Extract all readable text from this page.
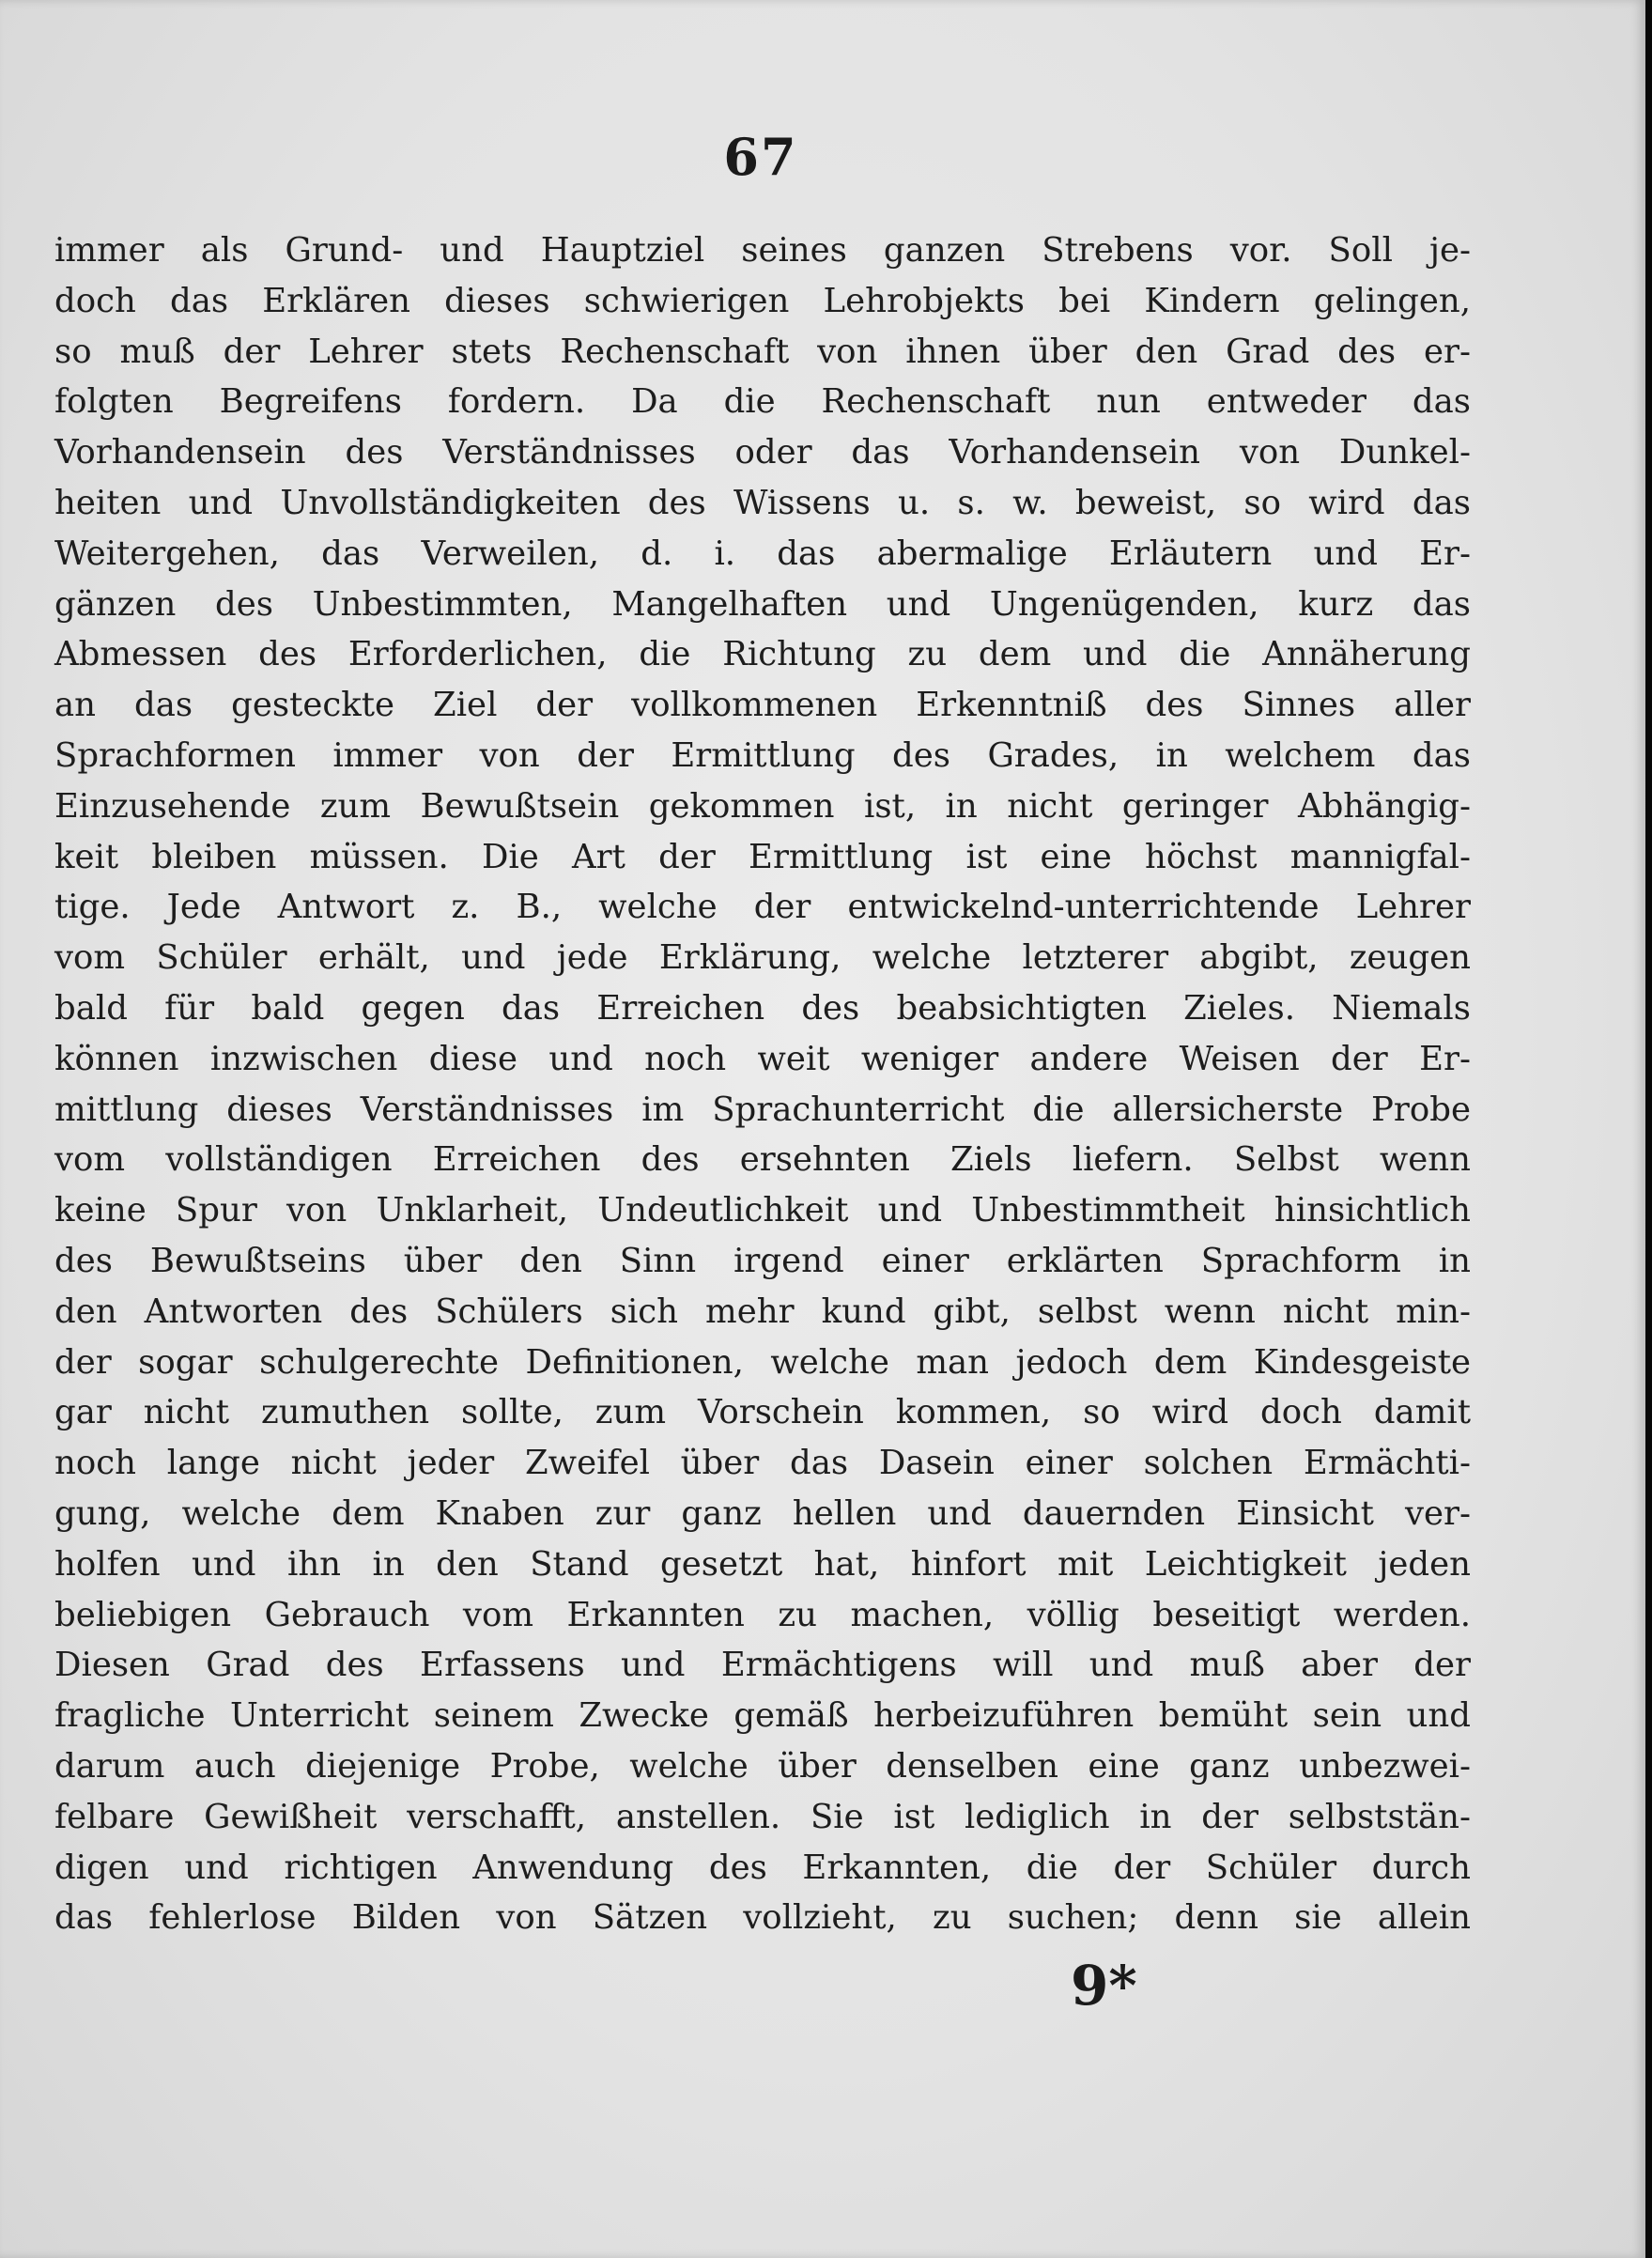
67
immer als Grund- und Hauptziel seines ganzen Strebens vor. Soll je-
doch das Erklären dieses schwierigen Lehrobjekts bei Kindern gelingen,
so muß der Lehrer stets Rechenschaft von ihnen über den Grad des er-
folgten Begreifens fordern. Da die Rechenschaft nun entweder das
Vorhandensein des Verständnisses oder das Vorhandensein von Dunkel-
heiten und Unvollständigkeiten des Wissens u. s. w. beweist, so wird das
Weitergehen, das Verweilen, d. i. das abermalige Erläutern und Er-
gänzen des Unbestimmten, Mangelhaften und Ungenügenden, kurz das
Abmessen des Erforderlichen, die Richtung zu dem und die Annäherung
an das gesteckte Ziel der vollkommenen Erkenntniß des Sinnes aller
Sprachformen immer von der Ermittlung des Grades, in welchem das
Einzusehende zum Bewußtsein gekommen ist, in nicht geringer Abhängig-
keit bleiben müssen. Die Art der Ermittlung ist eine höchst mannigfal-
tige. Jede Antwort z. B., welche der entwickelnd-unterrichtende Lehrer
vom Schüler erhält, und jede Erklärung, welche letzterer abgibt, zeugen
bald für bald gegen das Erreichen des beabsichtigten Zieles. Niemals
können inzwischen diese und noch weit weniger andere Weisen der Er-
mittlung dieses Verständnisses im Sprachunterricht die allersicherste Probe
vom vollständigen Erreichen des ersehnten Ziels liefern. Selbst wenn
keine Spur von Unklarheit, Undeutlichkeit und Unbestimmtheit hinsichtlich
des Bewußtseins über den Sinn irgend einer erklärten Sprachform in
den Antworten des Schülers sich mehr kund gibt, selbst wenn nicht min-
der sogar schulgerechte Definitionen, welche man jedoch dem Kindesgeiste
gar nicht zumuthen sollte, zum Vorschein kommen, so wird doch damit
noch lange nicht jeder Zweifel über das Dasein einer solchen Ermächti-
gung, welche dem Knaben zur ganz hellen und dauernden Einsicht ver-
holfen und ihn in den Stand gesetzt hat, hinfort mit Leichtigkeit jeden
beliebigen Gebrauch vom Erkannten zu machen, völlig beseitigt werden.
Diesen Grad des Erfassens und Ermächtigens will und muß aber der
fragliche Unterricht seinem Zwecke gemäß herbeizuführen bemüht sein und
darum auch diejenige Probe, welche über denselben eine ganz unbezwei-
felbare Gewißheit verschafft, anstellen. Sie ist lediglich in der selbststän-
digen und richtigen Anwendung des Erkannten, die der Schüler durch
das fehlerlose Bilden von Sätzen vollzieht, zu suchen; denn sie allein
9*
